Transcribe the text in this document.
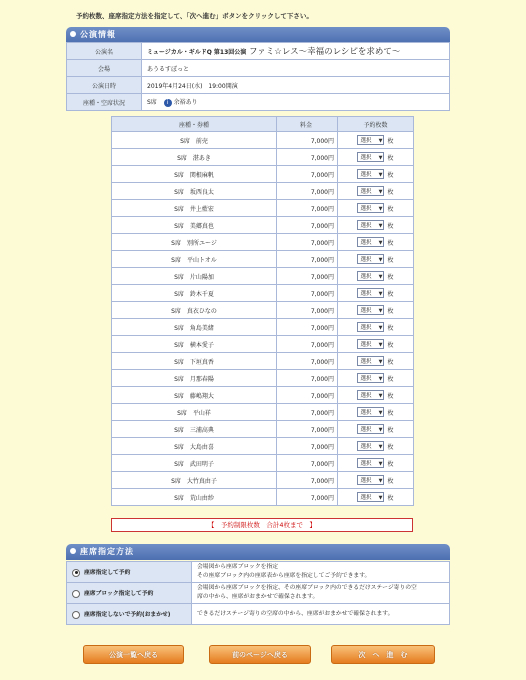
予約枚数、座席指定方法を指定して、「次へ進む」ボタンをクリックして下さい。
公演情報
公演名	ミュージカル・ギルドQ 第13回公演 ファミ☆レス〜幸福のレシピを求めて〜
会場	あうるすぽっと
公演日時	2019年4月24日(水)　19:00開演
座種・空席状況	S席 i 余裕あり
座種・券種	料金	予約枚数
S席　前売	7,000円	選択 ▼ 枚
S席　湛あき	7,000円	選択 ▼ 枚
S席　関根麻帆	7,000円	選択 ▼ 枚
S席　坂西良太	7,000円	選択 ▼ 枚
S席　井上藍宏	7,000円	選択 ▼ 枚
S席　美郷真也	7,000円	選択 ▼ 枚
S席　別所ユージ	7,000円	選択 ▼ 枚
S席　平山トオル	7,000円	選択 ▼ 枚
S席　片山陽加	7,000円	選択 ▼ 枚
S席　鈴木千夏	7,000円	選択 ▼ 枚
S席　真衣ひなの	7,000円	選択 ▼ 枚
S席　角島美緒	7,000円	選択 ▼ 枚
S席　横本愛子	7,000円	選択 ▼ 枚
S席　下垣真香	7,000円	選択 ▼ 枚
S席　月那春陽	7,000円	選択 ▼ 枚
S席　藤嶋翔大	7,000円	選択 ▼ 枚
S席　平山祥	7,000円	選択 ▼ 枚
S席　三浦高典	7,000円	選択 ▼ 枚
S席　大島由喜	7,000円	選択 ▼ 枚
S席　武田明子	7,000円	選択 ▼ 枚
S席　大竹真由子	7,000円	選択 ▼ 枚
S席　荒山由紗	7,000円	選択 ▼ 枚
【　予約制限枚数　合計4枚まで　】
座席指定方法
座席指定して予約	会場図から座席ブロックを指定
その座席ブロック内の座席表から座席を指定してご予約できます。

座席ブロック指定して予約	会場図から座席ブロックを指定、その座席ブロック内のできるだけステージ寄りの空
席の中から、座席がおまかせで確保されます。

座席指定しないで予約(おまかせ)	できるだけステージ寄りの空席の中から、座席がおまかせで確保されます。
公演一覧へ戻る	前のページへ戻る	次　へ　進　む
